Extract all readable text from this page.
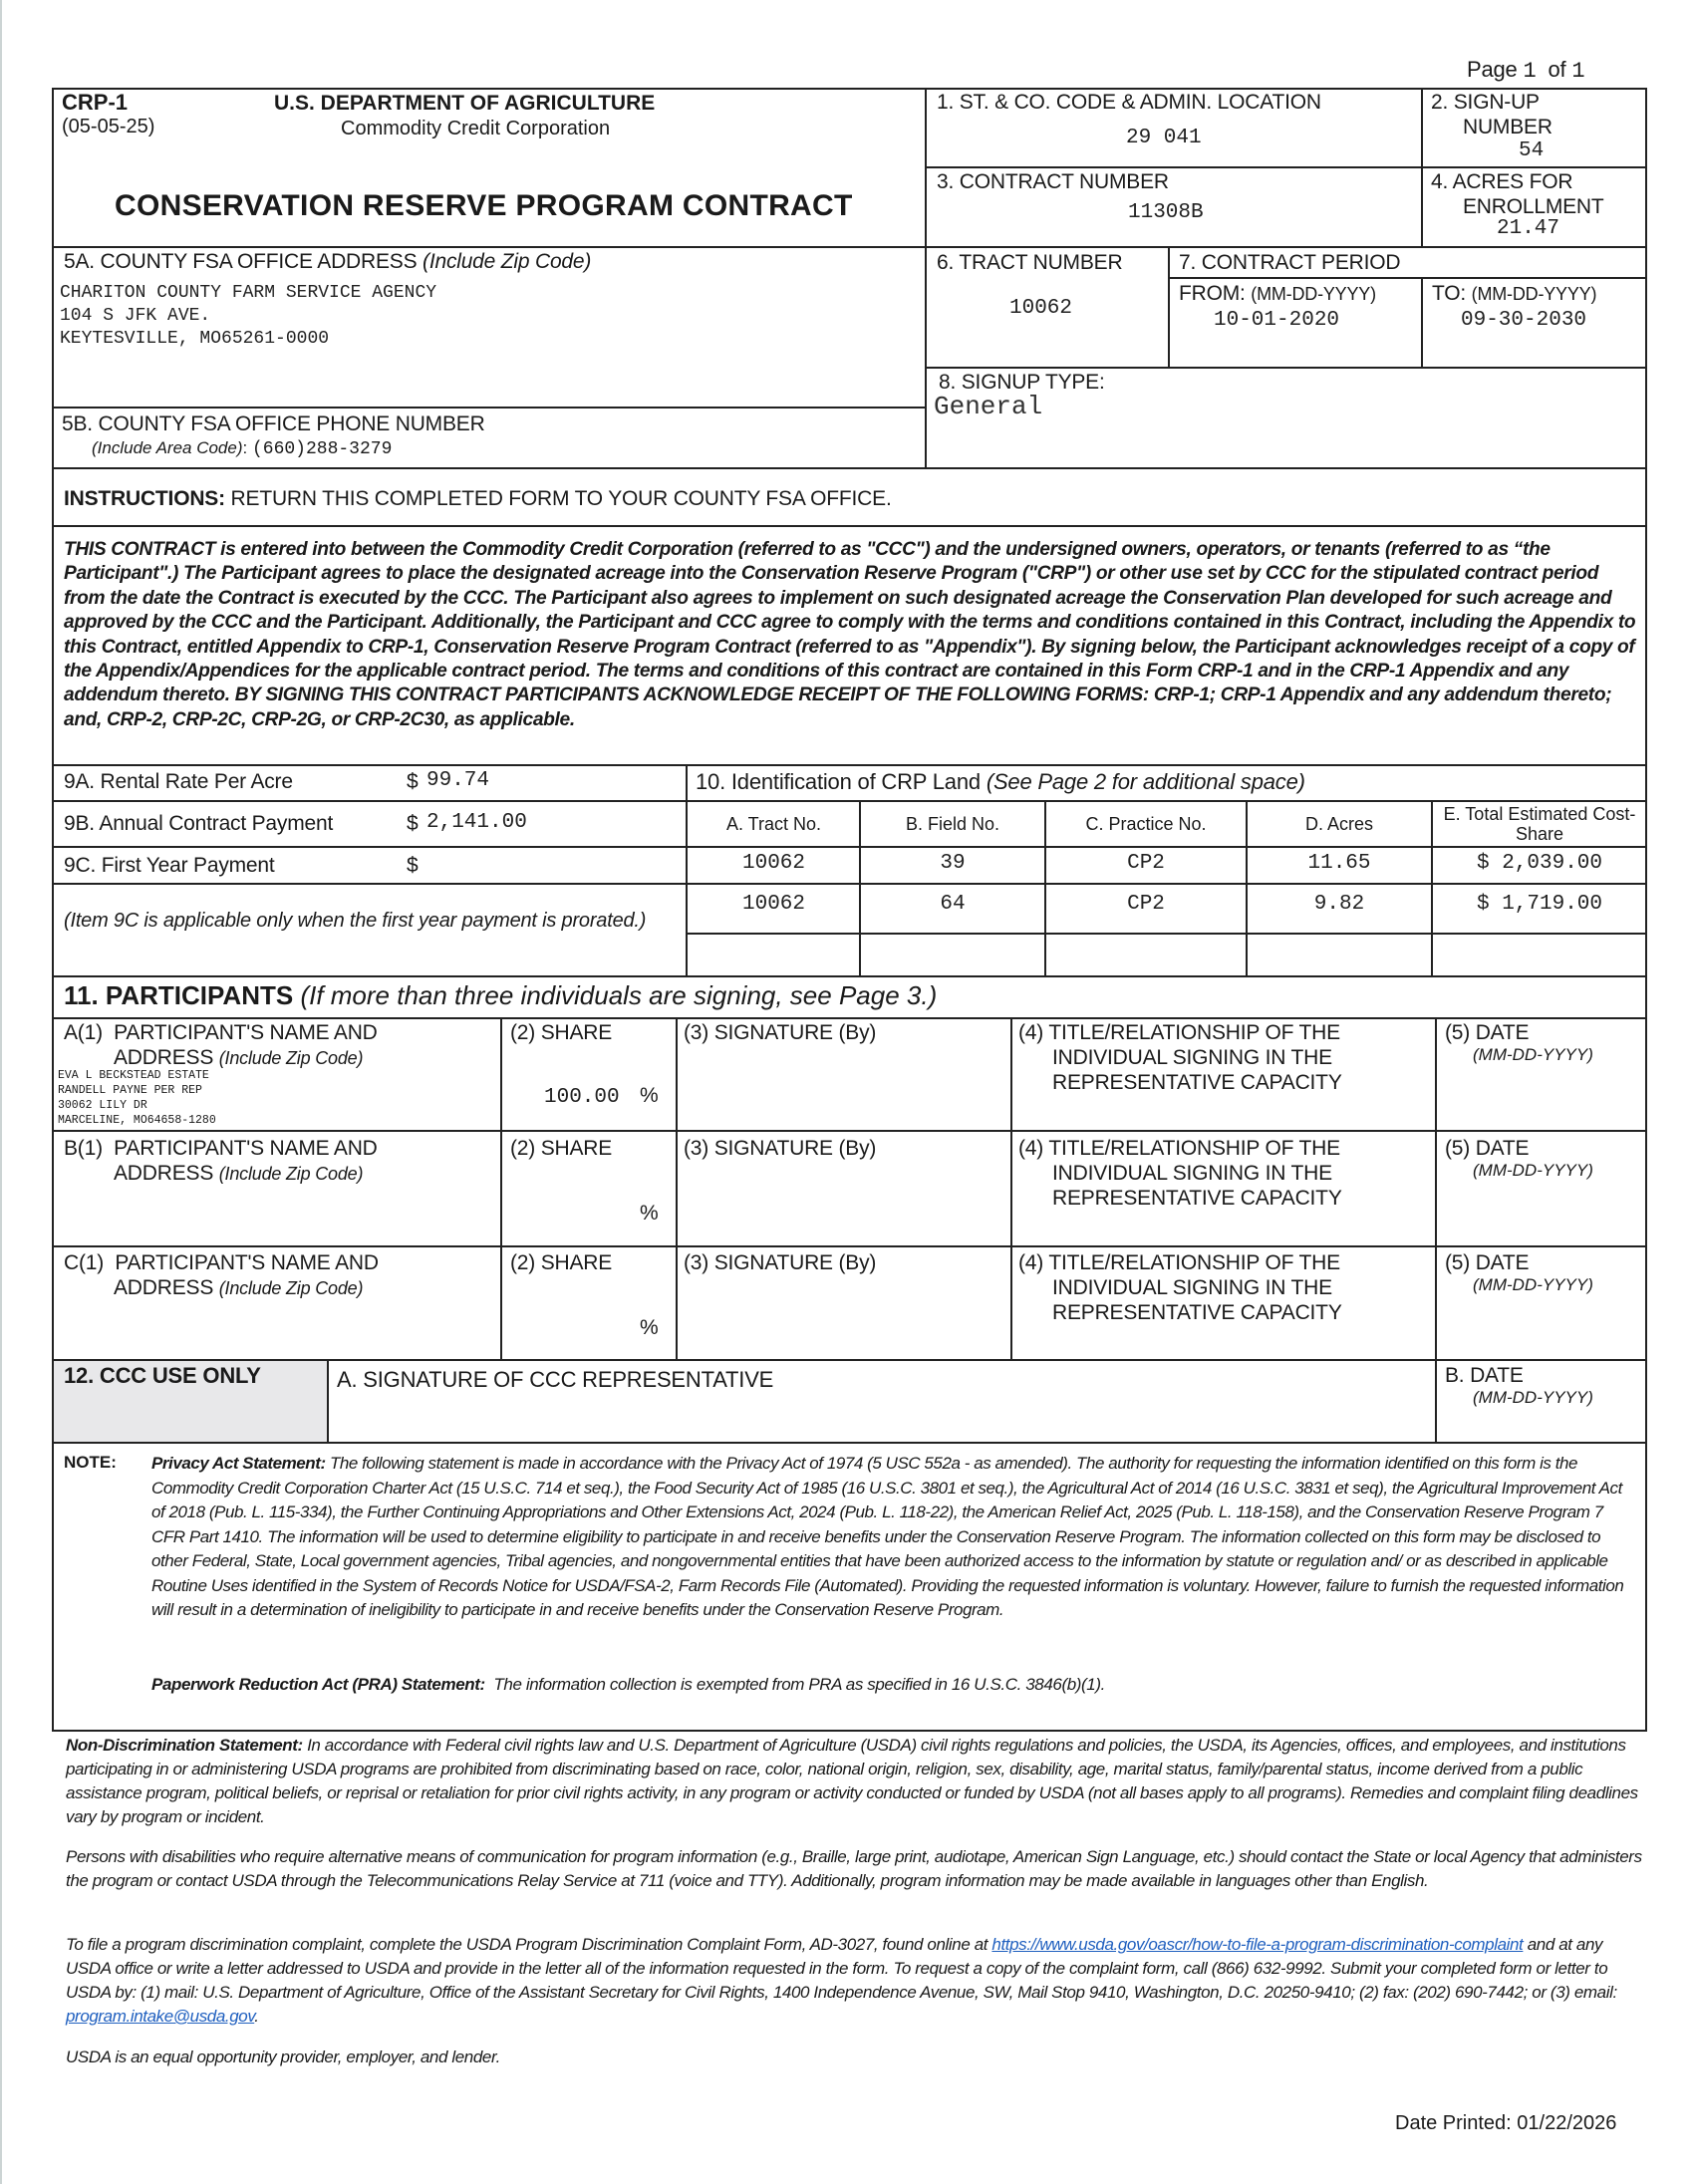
Page 1 of 1
CRP-1
(05-05-25)
U.S. DEPARTMENT OF AGRICULTURE
Commodity Credit Corporation
CONSERVATION RESERVE PROGRAM CONTRACT
1. ST. & CO. CODE & ADMIN. LOCATION
29 041
2. SIGN-UP
NUMBER
54
3. CONTRACT NUMBER
11308B
4. ACRES FOR
ENROLLMENT
21.47
5A. COUNTY FSA OFFICE ADDRESS (Include Zip Code)
CHARITON COUNTY FARM SERVICE AGENCY
104 S JFK AVE.
KEYTESVILLE, MO65261-0000
5B. COUNTY FSA OFFICE PHONE NUMBER
(Include Area Code): (660)288-3279
6. TRACT NUMBER
10062
7. CONTRACT PERIOD
FROM: (MM-DD-YYYY)
10-01-2020
TO: (MM-DD-YYYY)
09-30-2030
8. SIGNUP TYPE:
General
INSTRUCTIONS: RETURN THIS COMPLETED FORM TO YOUR COUNTY FSA OFFICE.
THIS CONTRACT is entered into between the Commodity Credit Corporation (referred to as "CCC") and the undersigned owners, operators, or tenants (referred to as “the Participant".) The Participant agrees to place the designated acreage into the Conservation Reserve Program ("CRP") or other use set by CCC for the stipulated contract period from the date the Contract is executed by the CCC. The Participant also agrees to implement on such designated acreage the Conservation Plan developed for such acreage and approved by the CCC and the Participant. Additionally, the Participant and CCC agree to comply with the terms and conditions contained in this Contract, including the Appendix to this Contract, entitled Appendix to CRP-1, Conservation Reserve Program Contract (referred to as "Appendix"). By signing below, the Participant acknowledges receipt of a copy of the Appendix/Appendices for the applicable contract period. The terms and conditions of this contract are contained in this Form CRP-1 and in the CRP-1 Appendix and any addendum thereto. BY SIGNING THIS CONTRACT PARTICIPANTS ACKNOWLEDGE RECEIPT OF THE FOLLOWING FORMS: CRP-1; CRP-1 Appendix and any addendum thereto; and, CRP-2, CRP-2C, CRP-2G, or CRP-2C30, as applicable.
9A. Rental Rate Per Acre	$ 99.74
9B. Annual Contract Payment	$ 2,141.00
9C. First Year Payment	$
(Item 9C is applicable only when the first year payment is prorated.)
10. Identification of CRP Land (See Page 2 for additional space)
A. Tract No.	B. Field No.	C. Practice No.	D. Acres	E. Total Estimated Cost-Share
10062	39	CP2	11.65	$ 2,039.00
10062	64	CP2	9.82	$ 1,719.00
11. PARTICIPANTS (If more than three individuals are signing, see Page 3.)
A(1) PARTICIPANT'S NAME AND
ADDRESS (Include Zip Code)
EVA L BECKSTEAD ESTATE
RANDELL PAYNE PER REP
30062 LILY DR
MARCELINE, MO64658-1280
(2) SHARE
100.00 %
(3) SIGNATURE (By)	(4) TITLE/RELATIONSHIP OF THE
INDIVIDUAL SIGNING IN THE
REPRESENTATIVE CAPACITY
(5) DATE
(MM-DD-YYYY)
B(1) PARTICIPANT'S NAME AND
ADDRESS (Include Zip Code)
(2) SHARE
%
(3) SIGNATURE (By)	(4) TITLE/RELATIONSHIP OF THE
INDIVIDUAL SIGNING IN THE
REPRESENTATIVE CAPACITY
(5) DATE
(MM-DD-YYYY)
C(1) PARTICIPANT'S NAME AND
ADDRESS (Include Zip Code)
(2) SHARE
%
(3) SIGNATURE (By)	(4) TITLE/RELATIONSHIP OF THE
INDIVIDUAL SIGNING IN THE
REPRESENTATIVE CAPACITY
(5) DATE
(MM-DD-YYYY)
12. CCC USE ONLY	A. SIGNATURE OF CCC REPRESENTATIVE	B. DATE
(MM-DD-YYYY)
NOTE: Privacy Act Statement: The following statement is made in accordance with the Privacy Act of 1974 (5 USC 552a - as amended). The authority for requesting the information identified on this form is the Commodity Credit Corporation Charter Act (15 U.S.C. 714 et seq.), the Food Security Act of 1985 (16 U.S.C. 3801 et seq.), the Agricultural Act of 2014 (16 U.S.C. 3831 et seq), the Agricultural Improvement Act of 2018 (Pub. L. 115-334), the Further Continuing Appropriations and Other Extensions Act, 2024 (Pub. L. 118-22), the American Relief Act, 2025 (Pub. L. 118-158), and the Conservation Reserve Program 7 CFR Part 1410. The information will be used to determine eligibility to participate in and receive benefits under the Conservation Reserve Program. The information collected on this form may be disclosed to other Federal, State, Local government agencies, Tribal agencies, and nongovernmental entities that have been authorized access to the information by statute or regulation and/ or as described in applicable Routine Uses identified in the System of Records Notice for USDA/FSA-2, Farm Records File (Automated). Providing the requested information is voluntary. However, failure to furnish the requested information will result in a determination of ineligibility to participate in and receive benefits under the Conservation Reserve Program.
Paperwork Reduction Act (PRA) Statement: The information collection is exempted from PRA as specified in 16 U.S.C. 3846(b)(1).
Non-Discrimination Statement: In accordance with Federal civil rights law and U.S. Department of Agriculture (USDA) civil rights regulations and policies, the USDA, its Agencies, offices, and employees, and institutions participating in or administering USDA programs are prohibited from discriminating based on race, color, national origin, religion, sex, disability, age, marital status, family/parental status, income derived from a public assistance program, political beliefs, or reprisal or retaliation for prior civil rights activity, in any program or activity conducted or funded by USDA (not all bases apply to all programs). Remedies and complaint filing deadlines vary by program or incident.
Persons with disabilities who require alternative means of communication for program information (e.g., Braille, large print, audiotape, American Sign Language, etc.) should contact the State or local Agency that administers the program or contact USDA through the Telecommunications Relay Service at 711 (voice and TTY). Additionally, program information may be made available in languages other than English.
To file a program discrimination complaint, complete the USDA Program Discrimination Complaint Form, AD-3027, found online at https://www.usda.gov/oascr/how-to-file-a-program-discrimination-complaint and at any USDA office or write a letter addressed to USDA and provide in the letter all of the information requested in the form. To request a copy of the complaint form, call (866) 632-9992. Submit your completed form or letter to USDA by: (1) mail: U.S. Department of Agriculture, Office of the Assistant Secretary for Civil Rights, 1400 Independence Avenue, SW, Mail Stop 9410, Washington, D.C. 20250-9410; (2) fax: (202) 690-7442; or (3) email: program.intake@usda.gov.
USDA is an equal opportunity provider, employer, and lender.
Date Printed: 01/22/2026
